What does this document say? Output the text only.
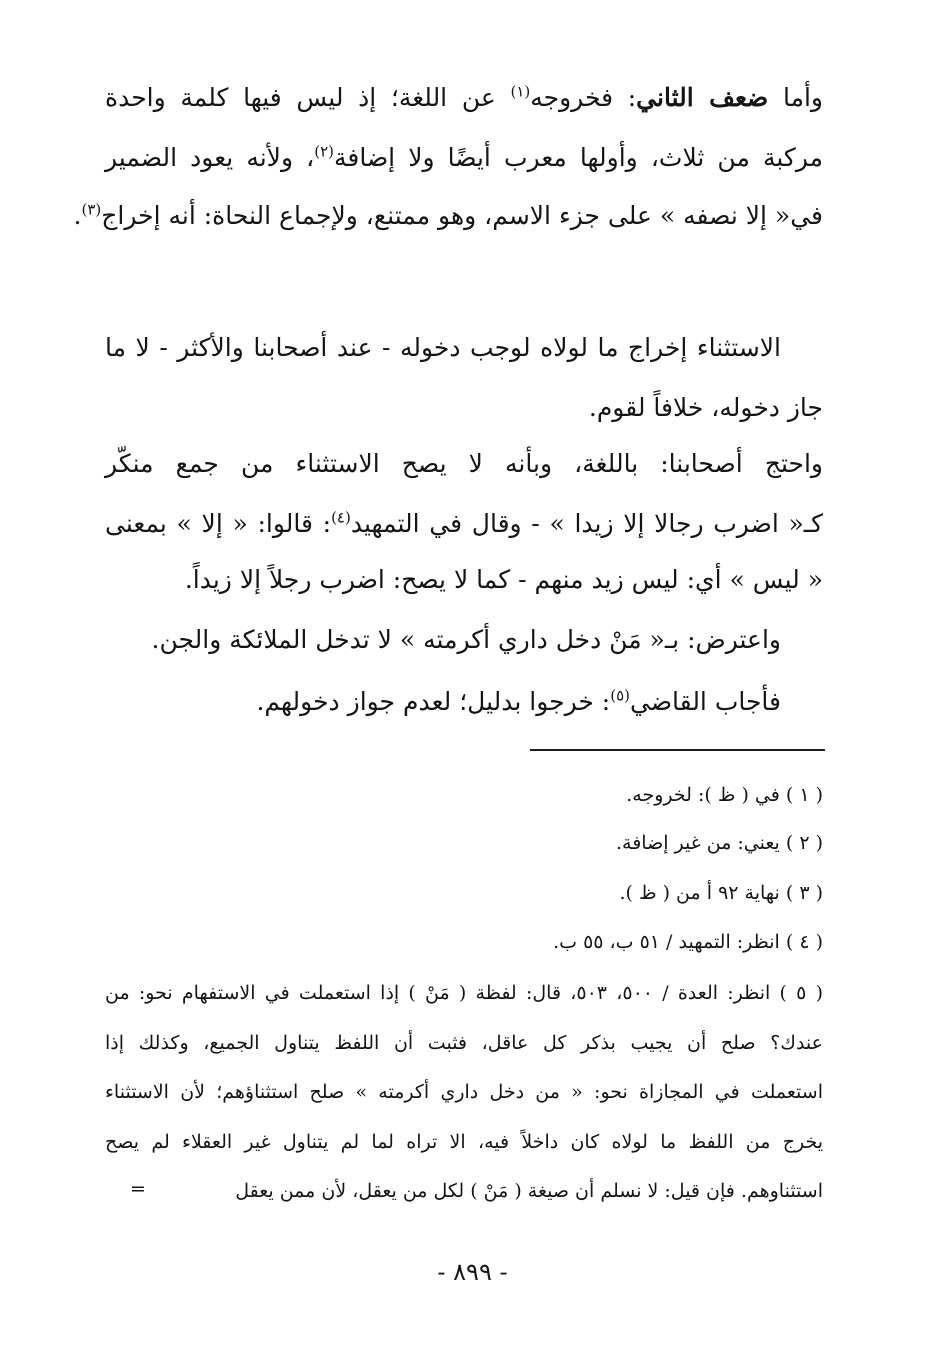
وأما ضعف الثاني: فخروجه$^{(١)}$ عن اللغة؛ إذ ليس فيها كلمة واحدة
مركبة من ثلاث، وأولها معرب أيضًا ولا إضافة$^{(٢)}$، ولأنه يعود الضمير
في« إلا نصفه » على جزء الاسم، وهو ممتنع، ولإجماع النحاة: أنه إخراج$^{(٣)}$.

الاستثناء إخراج ما لولاه لوجب دخوله - عند أصحابنا والأكثر - لا ما جاز دخوله، خلافاً لقوم.

واحتج أصحابنا: باللغة، وبأنه لا يصح الاستثناء من جمع منكّر
كـ« اضرب رجالا إلا زيدا » - وقال في التمهيد$^{(٤)}$: قالوا: « إلا » بمعنى
« ليس » أي: ليس زيد منهم - كما لا يصح: اضرب رجلاً إلا زيداً.
واعترض: بـ« مَنْ دخل داري أكرمته » لا تدخل الملائكة والجن.
فأجاب القاضي$^{(٥)}$: خرجوا بدليل؛ لعدم جواز دخولهم.
( ١ ) في ( ظ ): لخروجه.
( ٢ ) يعني: من غير إضافة.
( ٣ ) نهاية ٩٢ أ من ( ظ ).
( ٤ ) انظر: التمهيد / ٥١ ب، ٥٥ ب.
( ٥ ) انظر: العدة / ٥٠٠، ٥٠٣، قال: لفظة ( مَنْ ) إذا استعملت في الاستفهام نحو: من
عندك؟ صلح أن يجيب بذكر كل عاقل، فثبت أن اللفظ يتناول الجميع، وكذلك إذا
استعملت في المجازاة نحو: « من دخل داري أكرمته » صلح استثناؤهم؛ لأن الاستثناء
يخرج من اللفظ ما لولاه كان داخلاً فيه، الا تراه لما لم يتناول غير العقلاء لم يصح
استثناوهم. فإن قيل: لا نسلم أن صيغة ( مَنْ ) لكل من يعقل، لأن ممن يعقل
=
- ٨٩٩ -
